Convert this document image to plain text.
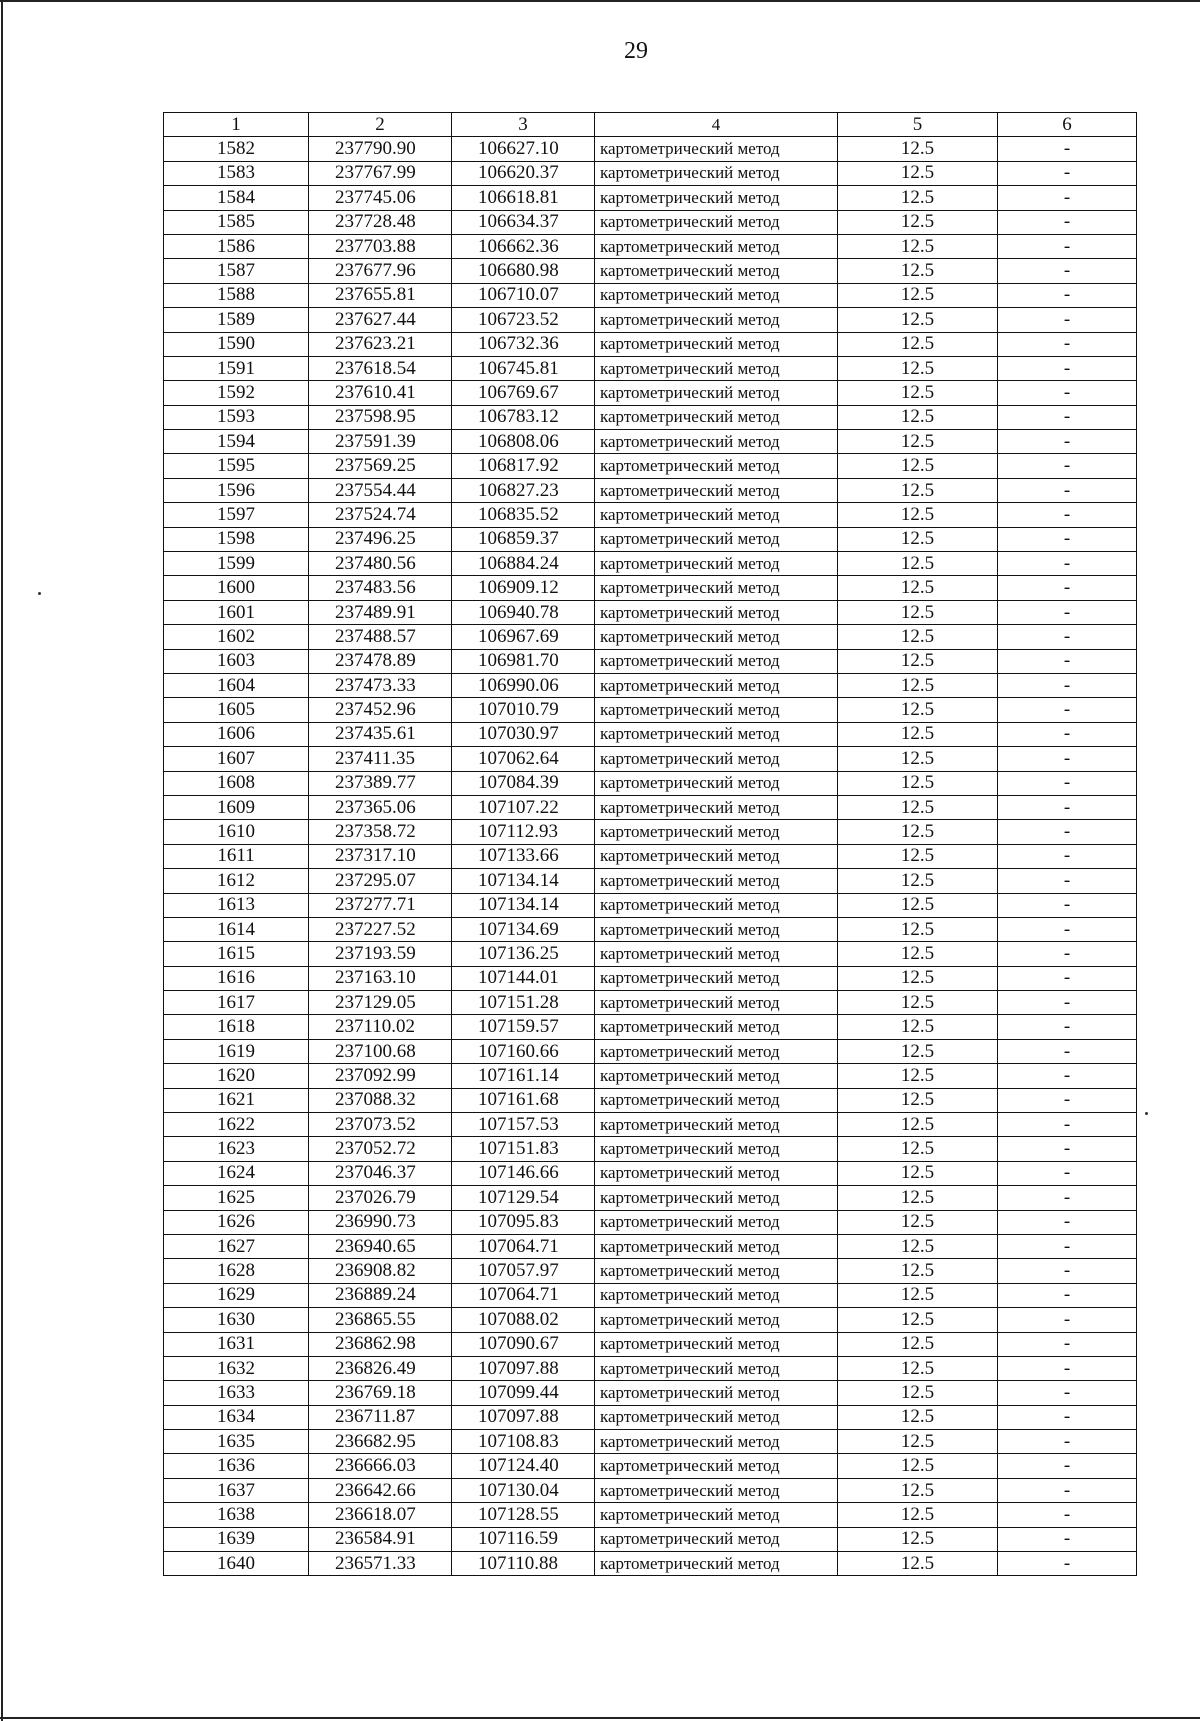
29
1	2	3	4	5	6
1582	237790.90	106627.10	картометрический метод	12.5	-
1583	237767.99	106620.37	картометрический метод	12.5	-
1584	237745.06	106618.81	картометрический метод	12.5	-
1585	237728.48	106634.37	картометрический метод	12.5	-
1586	237703.88	106662.36	картометрический метод	12.5	-
1587	237677.96	106680.98	картометрический метод	12.5	-
1588	237655.81	106710.07	картометрический метод	12.5	-
1589	237627.44	106723.52	картометрический метод	12.5	-
1590	237623.21	106732.36	картометрический метод	12.5	-
1591	237618.54	106745.81	картометрический метод	12.5	-
1592	237610.41	106769.67	картометрический метод	12.5	-
1593	237598.95	106783.12	картометрический метод	12.5	-
1594	237591.39	106808.06	картометрический метод	12.5	-
1595	237569.25	106817.92	картометрический метод	12.5	-
1596	237554.44	106827.23	картометрический метод	12.5	-
1597	237524.74	106835.52	картометрический метод	12.5	-
1598	237496.25	106859.37	картометрический метод	12.5	-
1599	237480.56	106884.24	картометрический метод	12.5	-
1600	237483.56	106909.12	картометрический метод	12.5	-
1601	237489.91	106940.78	картометрический метод	12.5	-
1602	237488.57	106967.69	картометрический метод	12.5	-
1603	237478.89	106981.70	картометрический метод	12.5	-
1604	237473.33	106990.06	картометрический метод	12.5	-
1605	237452.96	107010.79	картометрический метод	12.5	-
1606	237435.61	107030.97	картометрический метод	12.5	-
1607	237411.35	107062.64	картометрический метод	12.5	-
1608	237389.77	107084.39	картометрический метод	12.5	-
1609	237365.06	107107.22	картометрический метод	12.5	-
1610	237358.72	107112.93	картометрический метод	12.5	-
1611	237317.10	107133.66	картометрический метод	12.5	-
1612	237295.07	107134.14	картометрический метод	12.5	-
1613	237277.71	107134.14	картометрический метод	12.5	-
1614	237227.52	107134.69	картометрический метод	12.5	-
1615	237193.59	107136.25	картометрический метод	12.5	-
1616	237163.10	107144.01	картометрический метод	12.5	-
1617	237129.05	107151.28	картометрический метод	12.5	-
1618	237110.02	107159.57	картометрический метод	12.5	-
1619	237100.68	107160.66	картометрический метод	12.5	-
1620	237092.99	107161.14	картометрический метод	12.5	-
1621	237088.32	107161.68	картометрический метод	12.5	-
1622	237073.52	107157.53	картометрический метод	12.5	-
1623	237052.72	107151.83	картометрический метод	12.5	-
1624	237046.37	107146.66	картометрический метод	12.5	-
1625	237026.79	107129.54	картометрический метод	12.5	-
1626	236990.73	107095.83	картометрический метод	12.5	-
1627	236940.65	107064.71	картометрический метод	12.5	-
1628	236908.82	107057.97	картометрический метод	12.5	-
1629	236889.24	107064.71	картометрический метод	12.5	-
1630	236865.55	107088.02	картометрический метод	12.5	-
1631	236862.98	107090.67	картометрический метод	12.5	-
1632	236826.49	107097.88	картометрический метод	12.5	-
1633	236769.18	107099.44	картометрический метод	12.5	-
1634	236711.87	107097.88	картометрический метод	12.5	-
1635	236682.95	107108.83	картометрический метод	12.5	-
1636	236666.03	107124.40	картометрический метод	12.5	-
1637	236642.66	107130.04	картометрический метод	12.5	-
1638	236618.07	107128.55	картометрический метод	12.5	-
1639	236584.91	107116.59	картометрический метод	12.5	-
1640	236571.33	107110.88	картометрический метод	12.5	-
